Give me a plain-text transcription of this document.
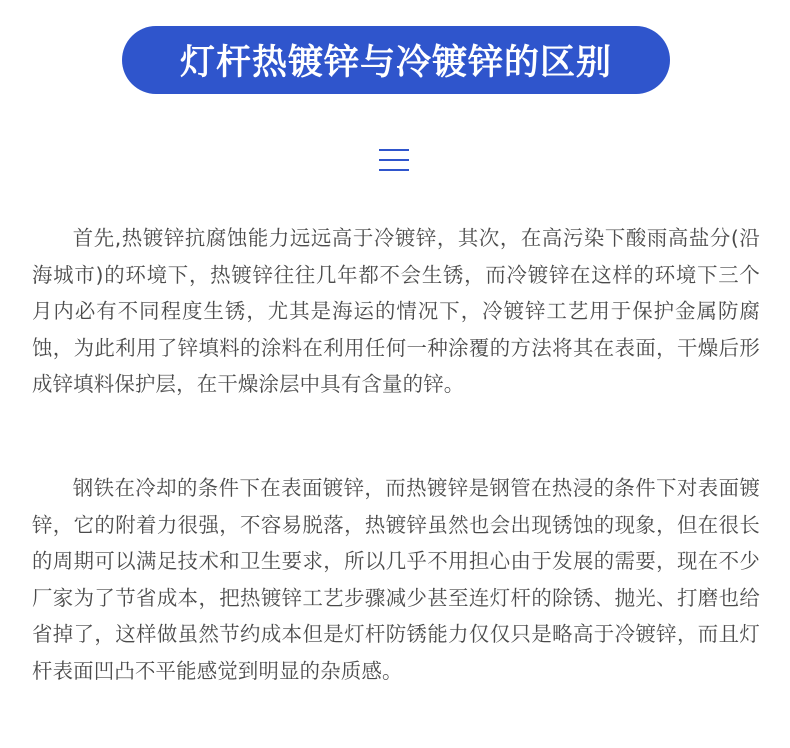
灯杆热镀锌与冷镀锌的区别

首先,热镀锌抗腐蚀能力远远高于冷镀锌，其次，在高污染下酸雨高盐分(沿海城市)的环境下，热镀锌往往几年都不会生锈，而冷镀锌在这样的环境下三个月内必有不同程度生锈，尤其是海运的情况下，冷镀锌工艺用于保护金属防腐蚀，为此利用了锌填料的涂料在利用任何一种涂覆的方法将其在表面，干燥后形成锌填料保护层，在干燥涂层中具有含量的锌。

钢铁在冷却的条件下在表面镀锌，而热镀锌是钢管在热浸的条件下对表面镀锌，它的附着力很强，不容易脱落，热镀锌虽然也会出现锈蚀的现象，但在很长的周期可以满足技术和卫生要求，所以几乎不用担心由于发展的需要，现在不少厂家为了节省成本，把热镀锌工艺步骤减少甚至连灯杆的除锈、抛光、打磨也给省掉了，这样做虽然节约成本但是灯杆防锈能力仅仅只是略高于冷镀锌，而且灯杆表面凹凸不平能感觉到明显的杂质感。
